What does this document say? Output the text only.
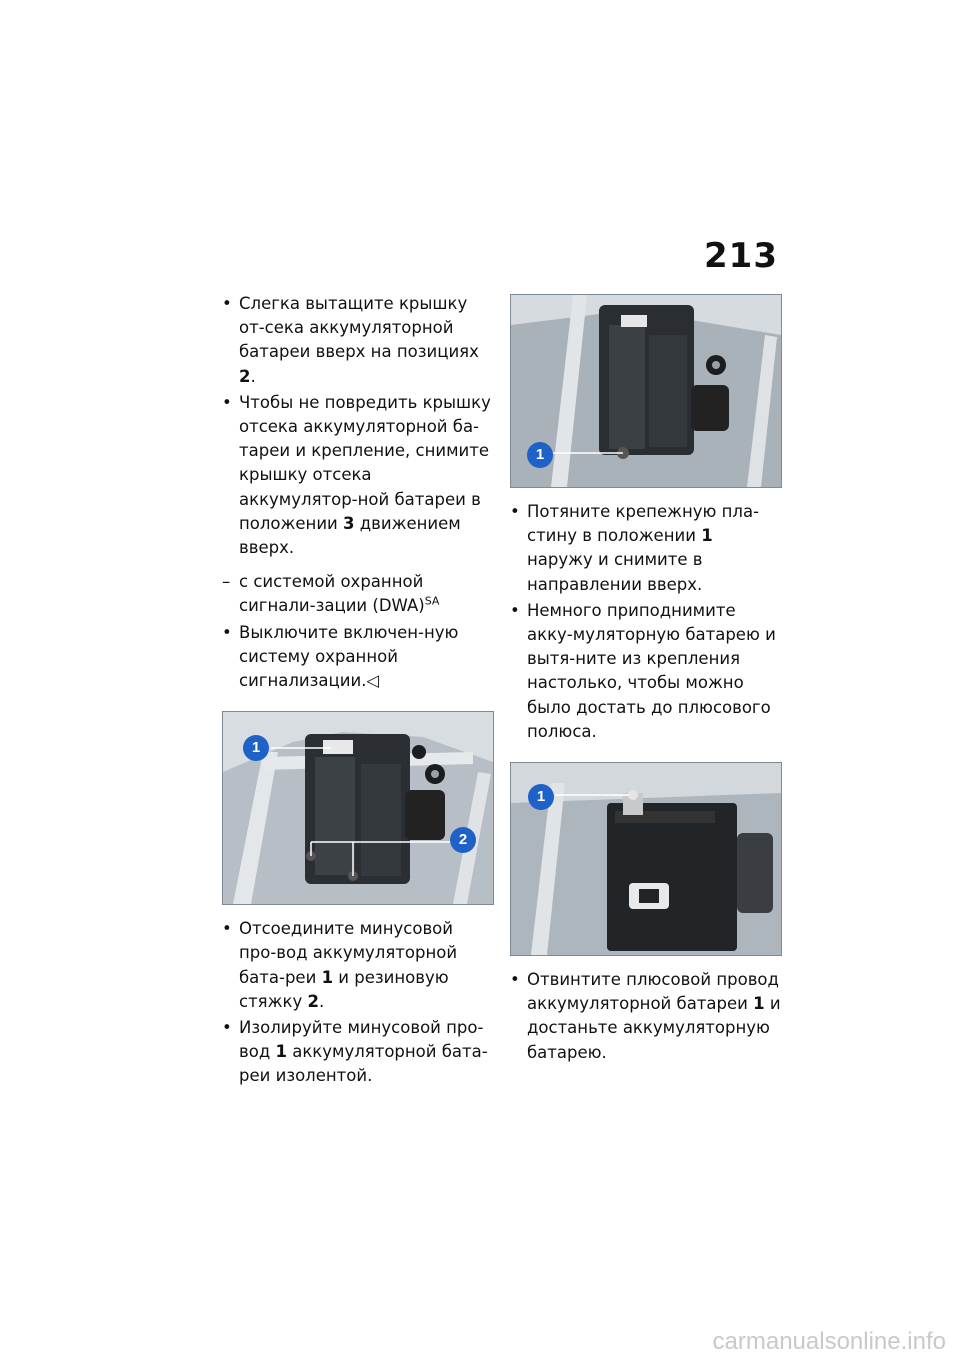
213
• Слегка вытащите крышку от-сека аккумуляторной батареи вверх на позициях 2.
• Чтобы не повредить крышку отсека аккумуляторной ба-тареи и крепление, снимите крышку отсека аккумулятор-ной батареи в положении 3 движением вверх.
– с системой охранной сигнали-зации (DWA)$^{SA}$
• Выключите включен-ную систему охранной сигнализации.◁
1
2
• Отсоедините минусовой про-вод аккумуляторной бата-реи 1 и резиновую стяжку 2.
• Изолируйте минусовой про-вод 1 аккумуляторной бата-реи изолентой.
1
• Потяните крепежную пла-стину в положении 1 наружу и снимите в направлении вверх.
• Немного приподнимите акку-муляторную батарею и вытя-ните из крепления настолько, чтобы можно было достать до плюсового полюса.
1
• Отвинтите плюсовой провод аккумуляторной батареи 1 и достаньте аккумуляторную батарею.
carmanualsonline.info
